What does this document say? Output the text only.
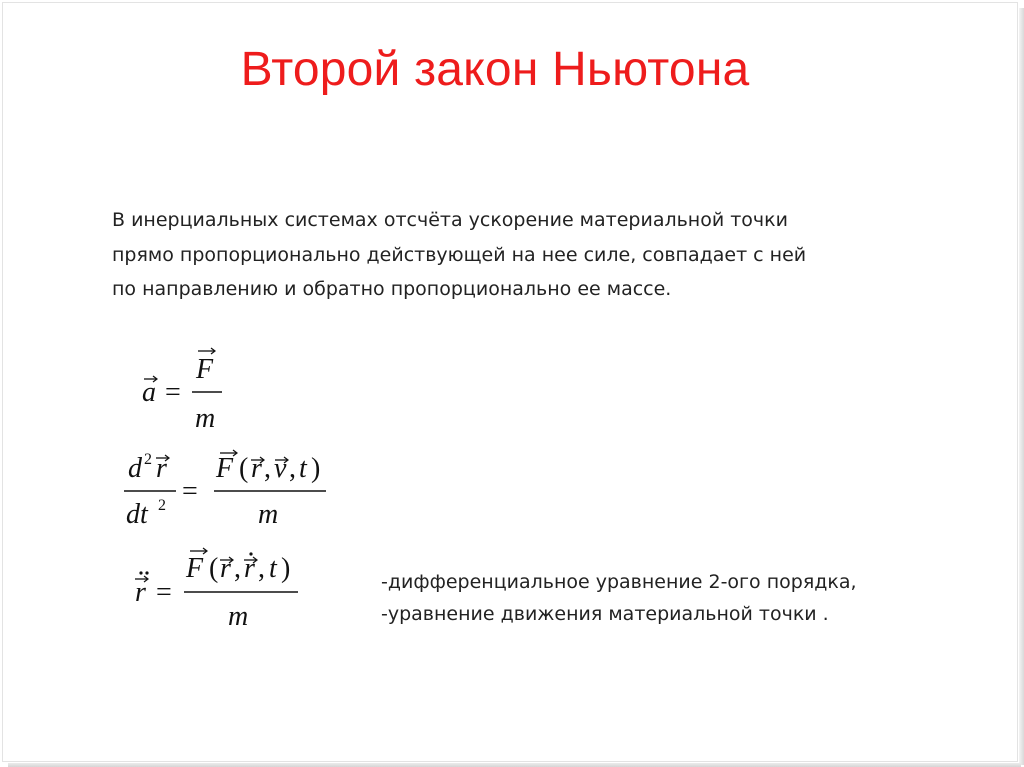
Второй закон Ньютона
В инерциальных системах отсчёта ускорение материальной точки прямо пропорционально действующей на нее силе, совпадает с ней по направлению и обратно пропорционально ее массе.
a =
F
m
d 2 r
dt 2 =
F ( r , v , t )
m
r =
F ( r , r , t )
m
-дифференциальное уравнение 2-ого порядка,
-уравнение движения материальной точки .
